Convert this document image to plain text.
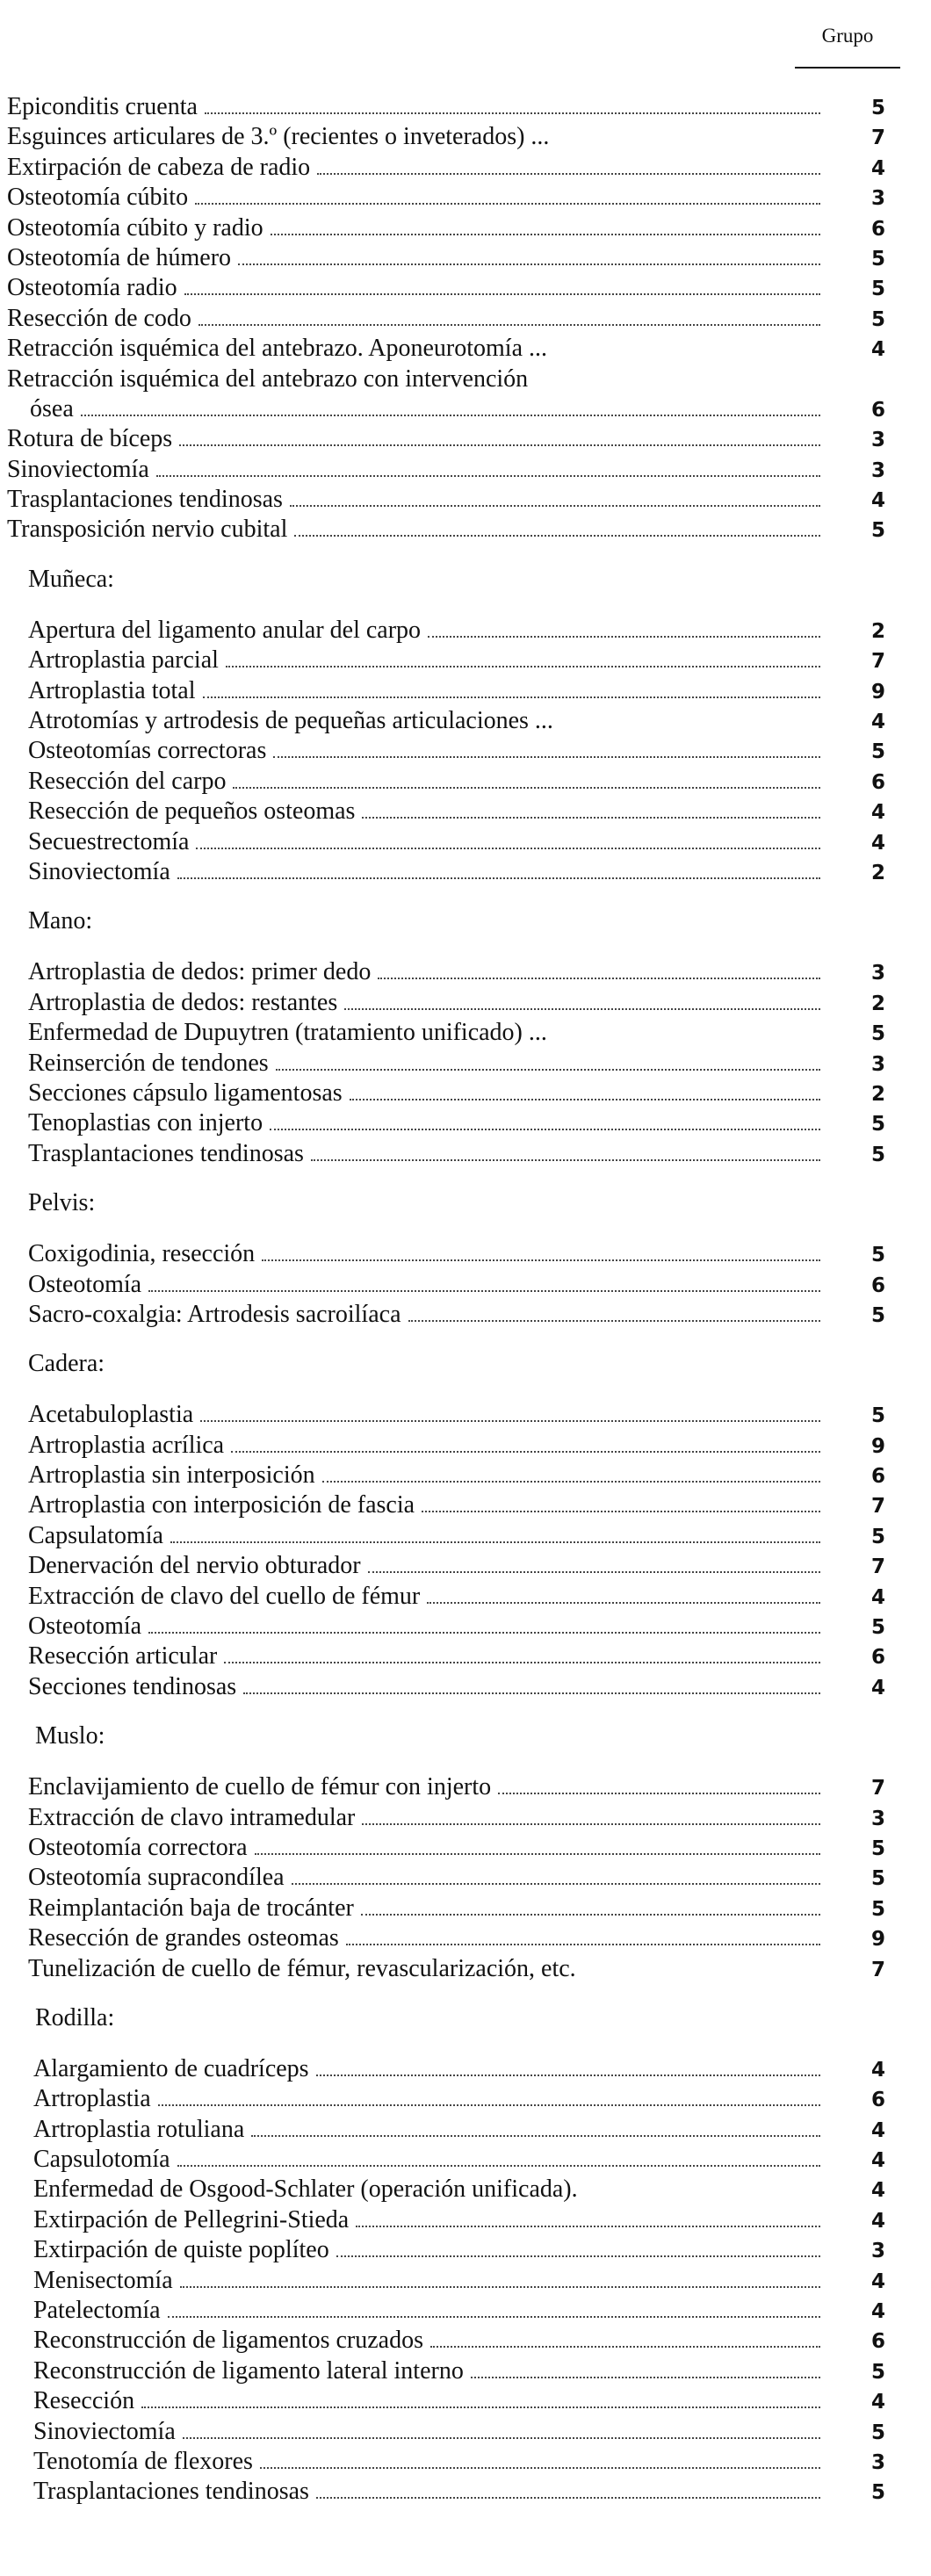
Grupo
Epiconditis cruenta	5
Esguinces articulares de 3.º (recientes o inveterados) ...	7
Extirpación de cabeza de radio	4
Osteotomía cúbito	3
Osteotomía cúbito y radio	6
Osteotomía de húmero	5
Osteotomía radio	5
Resección de codo	5
Retracción isquémica del antebrazo. Aponeurotomía ...	4
Retracción isquémica del antebrazo con intervención
ósea	6
Rotura de bíceps	3
Sinoviectomía	3
Trasplantaciones tendinosas	4
Transposición nervio cubital	5
Muñeca:
Apertura del ligamento anular del carpo	2
Artroplastia parcial	7
Artroplastia total	9
Atrotomías y artrodesis de pequeñas articulaciones ...	4
Osteotomías correctoras	5
Resección del carpo	6
Resección de pequeños osteomas	4
Secuestrectomía	4
Sinoviectomía	2
Mano:
Artroplastia de dedos: primer dedo	3
Artroplastia de dedos: restantes	2
Enfermedad de Dupuytren (tratamiento unificado) ...	5
Reinserción de tendones	3
Secciones cápsulo ligamentosas	2
Tenoplastias con injerto	5
Trasplantaciones tendinosas	5
Pelvis:
Coxigodinia, resección	5
Osteotomía	6
Sacro-coxalgia: Artrodesis sacroilíaca	5
Cadera:
Acetabuloplastia	5
Artroplastia acrílica	9
Artroplastia sin interposición	6
Artroplastia con interposición de fascia	7
Capsulatomía	5
Denervación del nervio obturador	7
Extracción de clavo del cuello de fémur	4
Osteotomía	5
Resección articular	6
Secciones tendinosas	4
Muslo:
Enclavijamiento de cuello de fémur con injerto	7
Extracción de clavo intramedular	3
Osteotomía correctora	5
Osteotomía supracondílea	5
Reimplantación baja de trocánter	5
Resección de grandes osteomas	9
Tunelización de cuello de fémur, revascularización, etc.	7
Rodilla:
Alargamiento de cuadríceps	4
Artroplastia	6
Artroplastia rotuliana	4
Capsulotomía	4
Enfermedad de Osgood-Schlater (operación unificada).	4
Extirpación de Pellegrini-Stieda	4
Extirpación de quiste poplíteo	3
Menisectomía	4
Patelectomía	4
Reconstrucción de ligamentos cruzados	6
Reconstrucción de ligamento lateral interno	5
Resección	4
Sinoviectomía	5
Tenotomía de flexores	3
Trasplantaciones tendinosas	5
